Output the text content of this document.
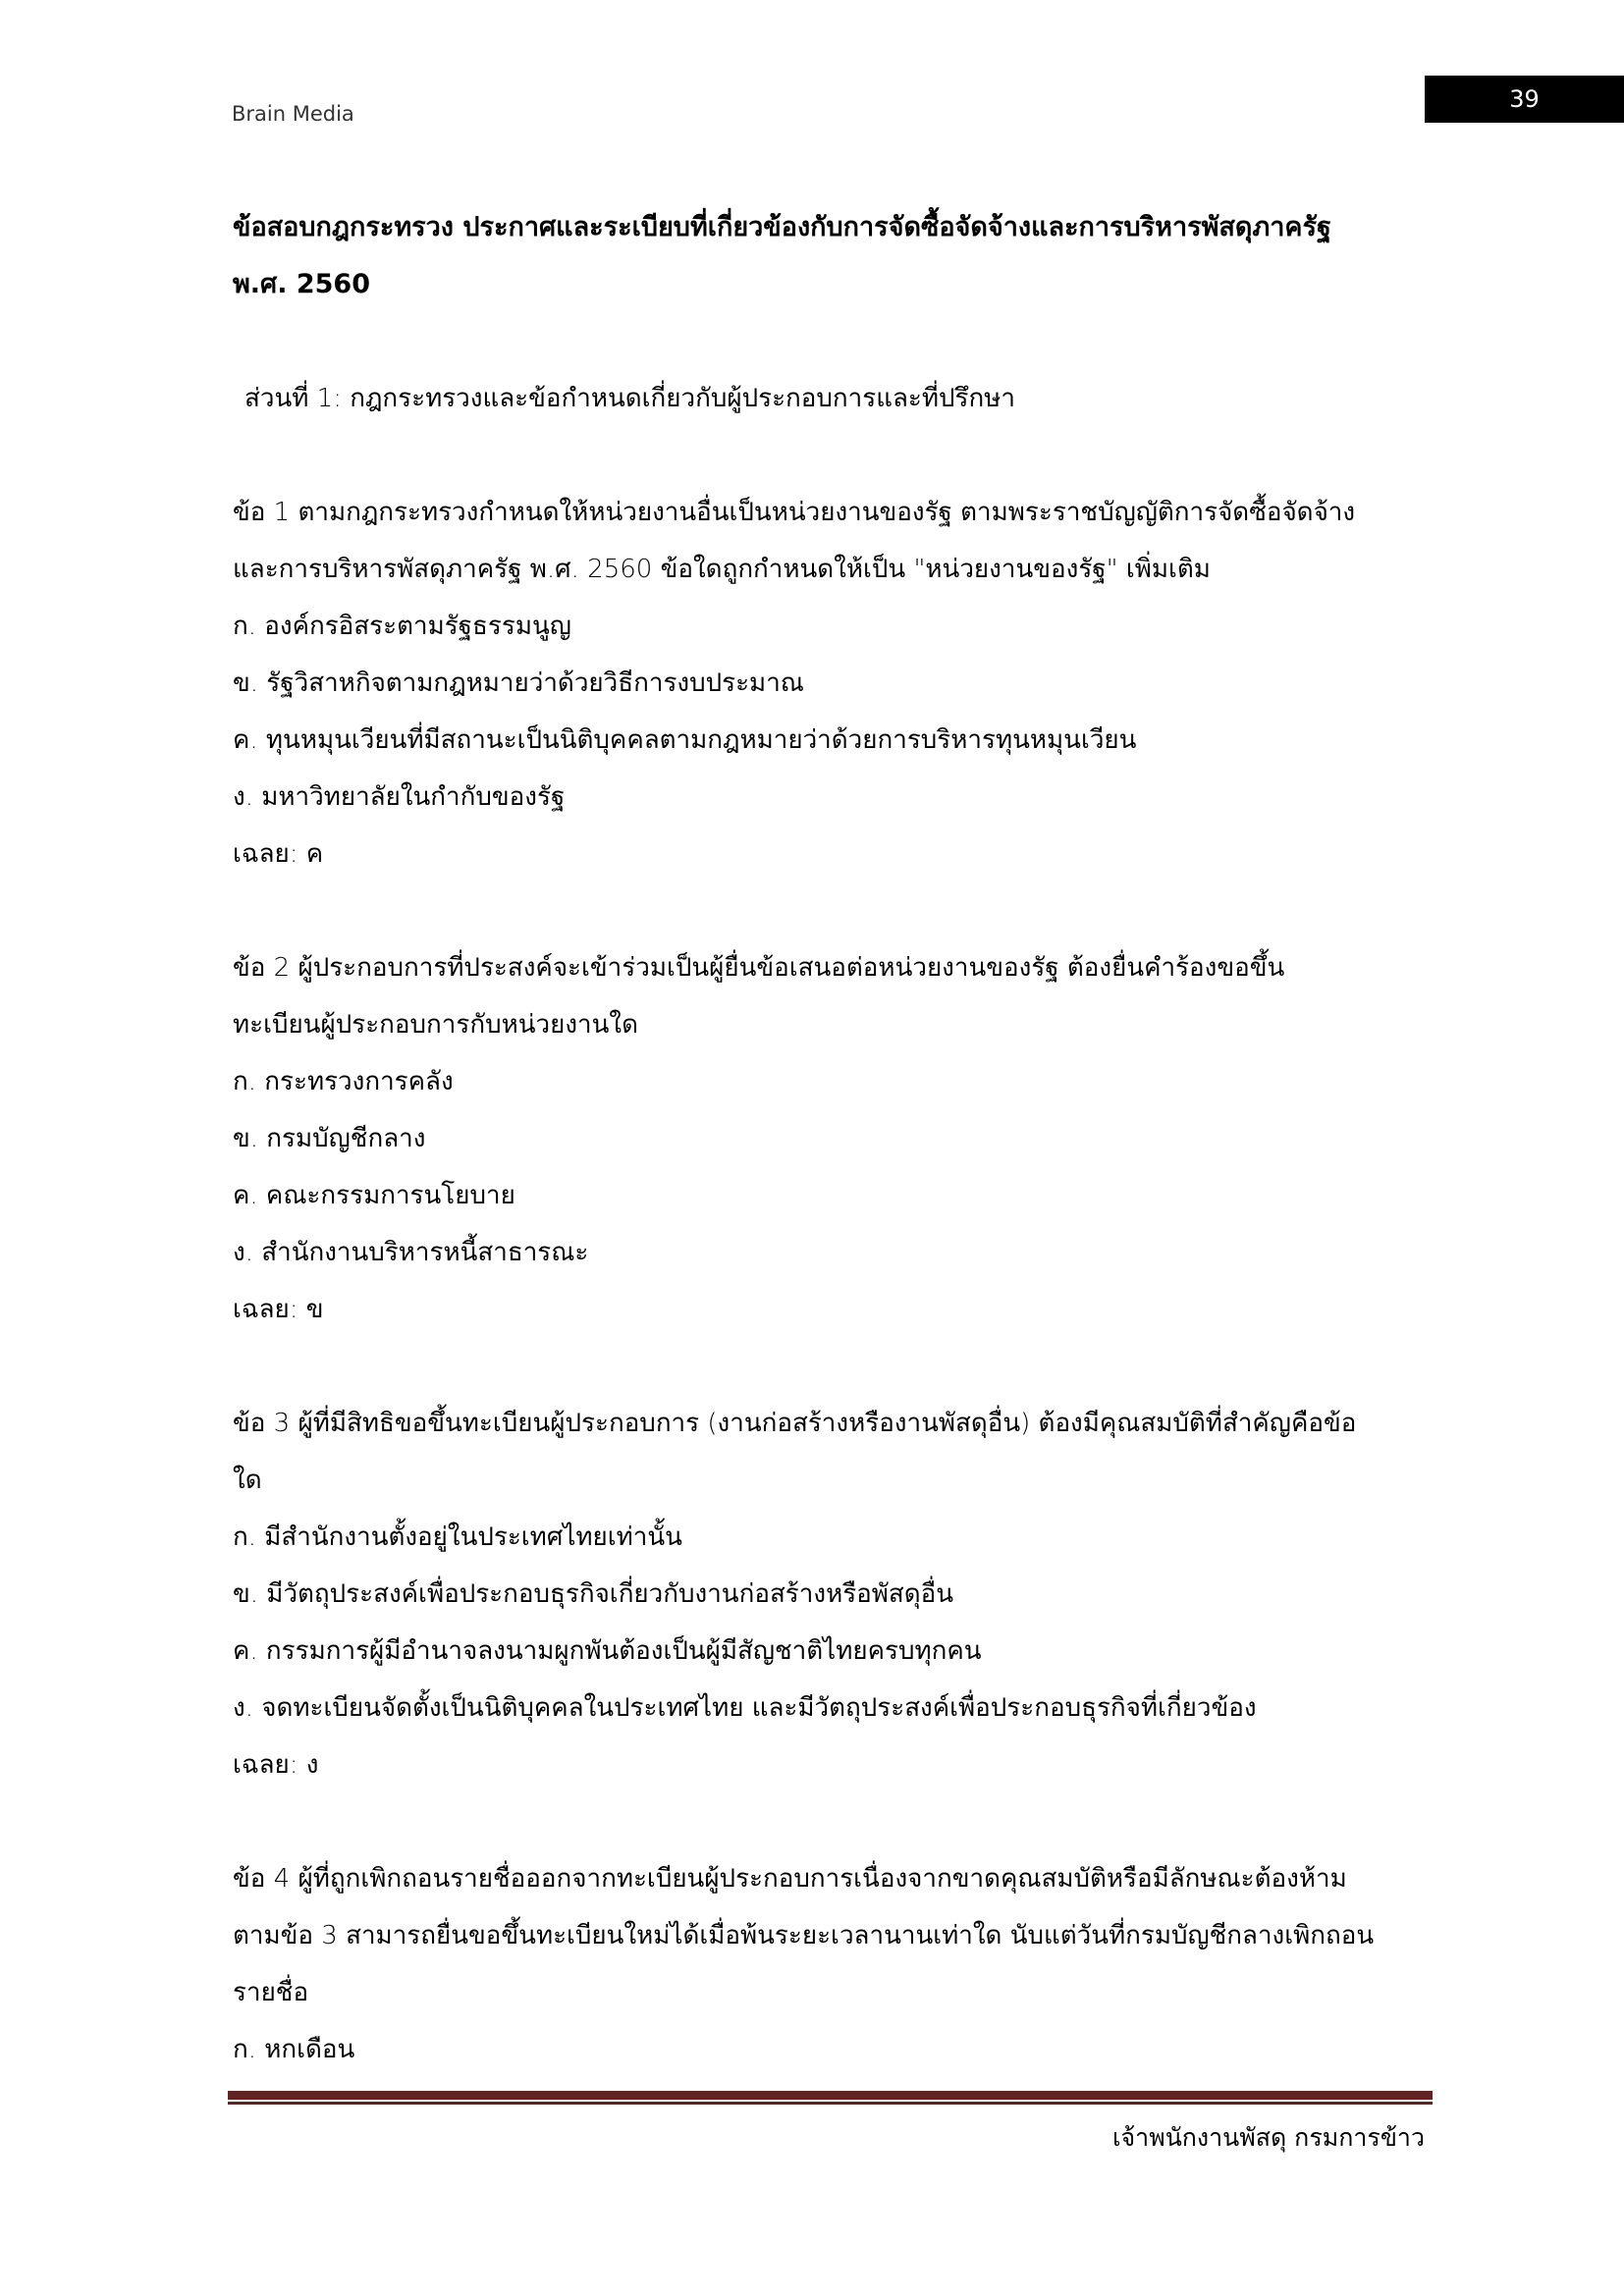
Brain Media
39
ข้อสอบกฎกระทรวง ประกาศและระเบียบที่เกี่ยวข้องกับการจัดซื้อจัดจ้างและการบริหารพัสดุภาครัฐ
พ.ศ. 2560
ส่วนที่ 1: กฎกระทรวงและข้อกำหนดเกี่ยวกับผู้ประกอบการและที่ปรึกษา
ข้อ 1 ตามกฎกระทรวงกำหนดให้หน่วยงานอื่นเป็นหน่วยงานของรัฐ ตามพระราชบัญญัติการจัดซื้อจัดจ้าง
และการบริหารพัสดุภาครัฐ พ.ศ. 2560 ข้อใดถูกกำหนดให้เป็น "หน่วยงานของรัฐ" เพิ่มเติม
ก. องค์กรอิสระตามรัฐธรรมนูญ
ข. รัฐวิสาหกิจตามกฎหมายว่าด้วยวิธีการงบประมาณ
ค. ทุนหมุนเวียนที่มีสถานะเป็นนิติบุคคลตามกฎหมายว่าด้วยการบริหารทุนหมุนเวียน
ง. มหาวิทยาลัยในกำกับของรัฐ
เฉลย: ค
ข้อ 2 ผู้ประกอบการที่ประสงค์จะเข้าร่วมเป็นผู้ยื่นข้อเสนอต่อหน่วยงานของรัฐ ต้องยื่นคำร้องขอขึ้น
ทะเบียนผู้ประกอบการกับหน่วยงานใด
ก. กระทรวงการคลัง
ข. กรมบัญชีกลาง
ค. คณะกรรมการนโยบาย
ง. สำนักงานบริหารหนี้สาธารณะ
เฉลย: ข
ข้อ 3 ผู้ที่มีสิทธิขอขึ้นทะเบียนผู้ประกอบการ (งานก่อสร้างหรืองานพัสดุอื่น) ต้องมีคุณสมบัติที่สำคัญคือข้อ
ใด
ก. มีสำนักงานตั้งอยู่ในประเทศไทยเท่านั้น
ข. มีวัตถุประสงค์เพื่อประกอบธุรกิจเกี่ยวกับงานก่อสร้างหรือพัสดุอื่น
ค. กรรมการผู้มีอำนาจลงนามผูกพันต้องเป็นผู้มีสัญชาติไทยครบทุกคน
ง. จดทะเบียนจัดตั้งเป็นนิติบุคคลในประเทศไทย และมีวัตถุประสงค์เพื่อประกอบธุรกิจที่เกี่ยวข้อง
เฉลย: ง
ข้อ 4 ผู้ที่ถูกเพิกถอนรายชื่อออกจากทะเบียนผู้ประกอบการเนื่องจากขาดคุณสมบัติหรือมีลักษณะต้องห้าม
ตามข้อ 3 สามารถยื่นขอขึ้นทะเบียนใหม่ได้เมื่อพ้นระยะเวลานานเท่าใด นับแต่วันที่กรมบัญชีกลางเพิกถอน
รายชื่อ
ก. หกเดือน
เจ้าพนักงานพัสดุ กรมการข้าว
